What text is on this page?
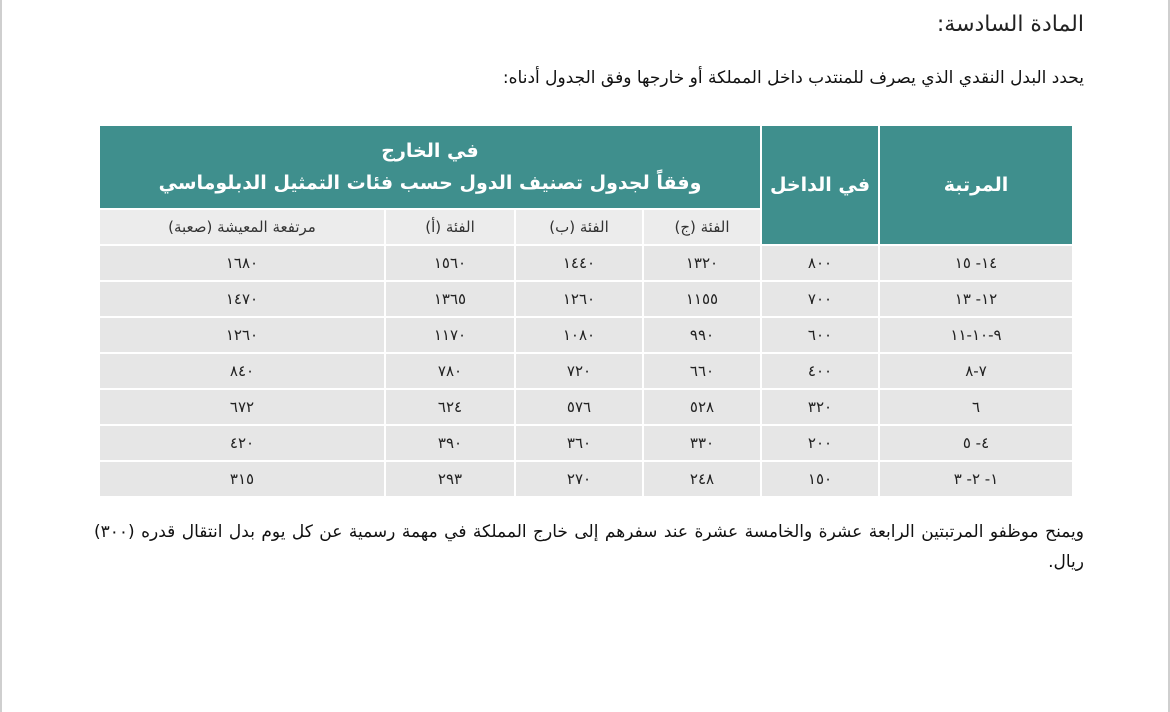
المادة السادسة:
يحدد البدل النقدي الذي يصرف للمنتدب داخل المملكة أو خارجها وفق الجدول أدناه:
المرتبة	في الداخل	في الخارج
وفقاً لجدول تصنيف الدول حسب فئات التمثيل الدبلوماسي			

		الفئة (ج)	الفئة (ب)	الفئة (أ)	مرتفعة المعيشة (صعبة)
١٤- ١٥	٨٠٠	١٣٢٠	١٤٤٠	١٥٦٠	١٦٨٠
١٢- ١٣	٧٠٠	١١٥٥	١٢٦٠	١٣٦٥	١٤٧٠
٩-١٠-١١	٦٠٠	٩٩٠	١٠٨٠	١١٧٠	١٢٦٠
٧-٨	٤٠٠	٦٦٠	٧٢٠	٧٨٠	٨٤٠
٦	٣٢٠	٥٢٨	٥٧٦	٦٢٤	٦٧٢
٤- ٥	٢٠٠	٣٣٠	٣٦٠	٣٩٠	٤٢٠
١- ٢- ٣	١٥٠	٢٤٨	٢٧٠	٢٩٣	٣١٥
ويمنح موظفو المرتبتين الرابعة عشرة والخامسة عشرة عند سفرهم إلى خارج المملكة في مهمة رسمية عن كل يوم بدل انتقال قدره (٣٠٠) ريال.
